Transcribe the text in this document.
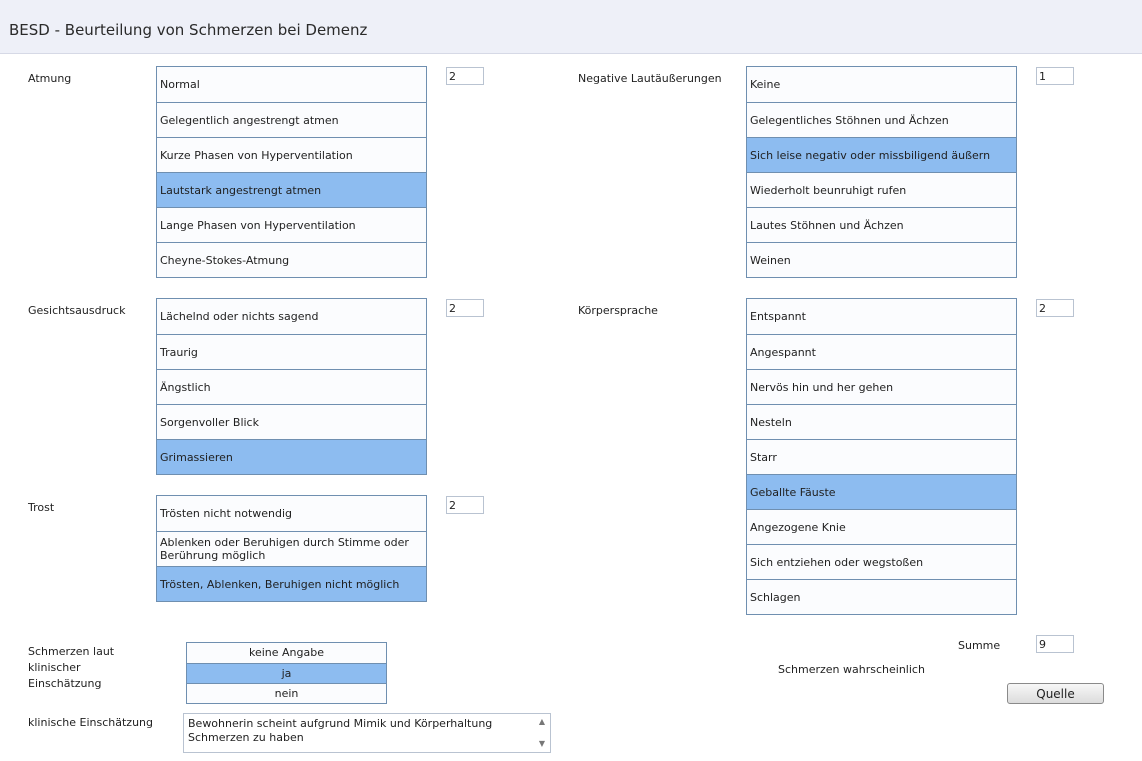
BESD - Beurteilung von Schmerzen bei Demenz
Atmung	Normal
Gelegentlich angestrengt atmen
Kurze Phasen von Hyperventilation
Lautstark angestrengt atmen
Lange Phasen von Hyperventilation
Cheyne-Stokes-Atmung
2
Gesichtsausdruck	Lächelnd oder nichts sagend
Traurig
Ängstlich
Sorgenvoller Blick
Grimassieren
2
Trost	Trösten nicht notwendig
Ablenken oder Beruhigen durch Stimme oder Berührung möglich
Trösten, Ablenken, Beruhigen nicht möglich
2
Negative Lautäußerungen	Keine
Gelegentliches Stöhnen und Ächzen
Sich leise negativ oder missbiligend äußern
Wiederholt beunruhigt rufen
Lautes Stöhnen und Ächzen
Weinen
1
Körpersprache	Entspannt
Angespannt
Nervös hin und her gehen
Nesteln
Starr
Geballte Fäuste
Angezogene Knie
Sich entziehen oder wegstoßen
Schlagen
2
Schmerzen laut klinischer Einschätzung
keine Angabe
ja
nein
klinische Einschätzung	Bewohnerin scheint aufgrund Mimik und Körperhaltung Schmerzen zu haben
▲
▼
Summe	9
Schmerzen wahrscheinlich
Quelle
